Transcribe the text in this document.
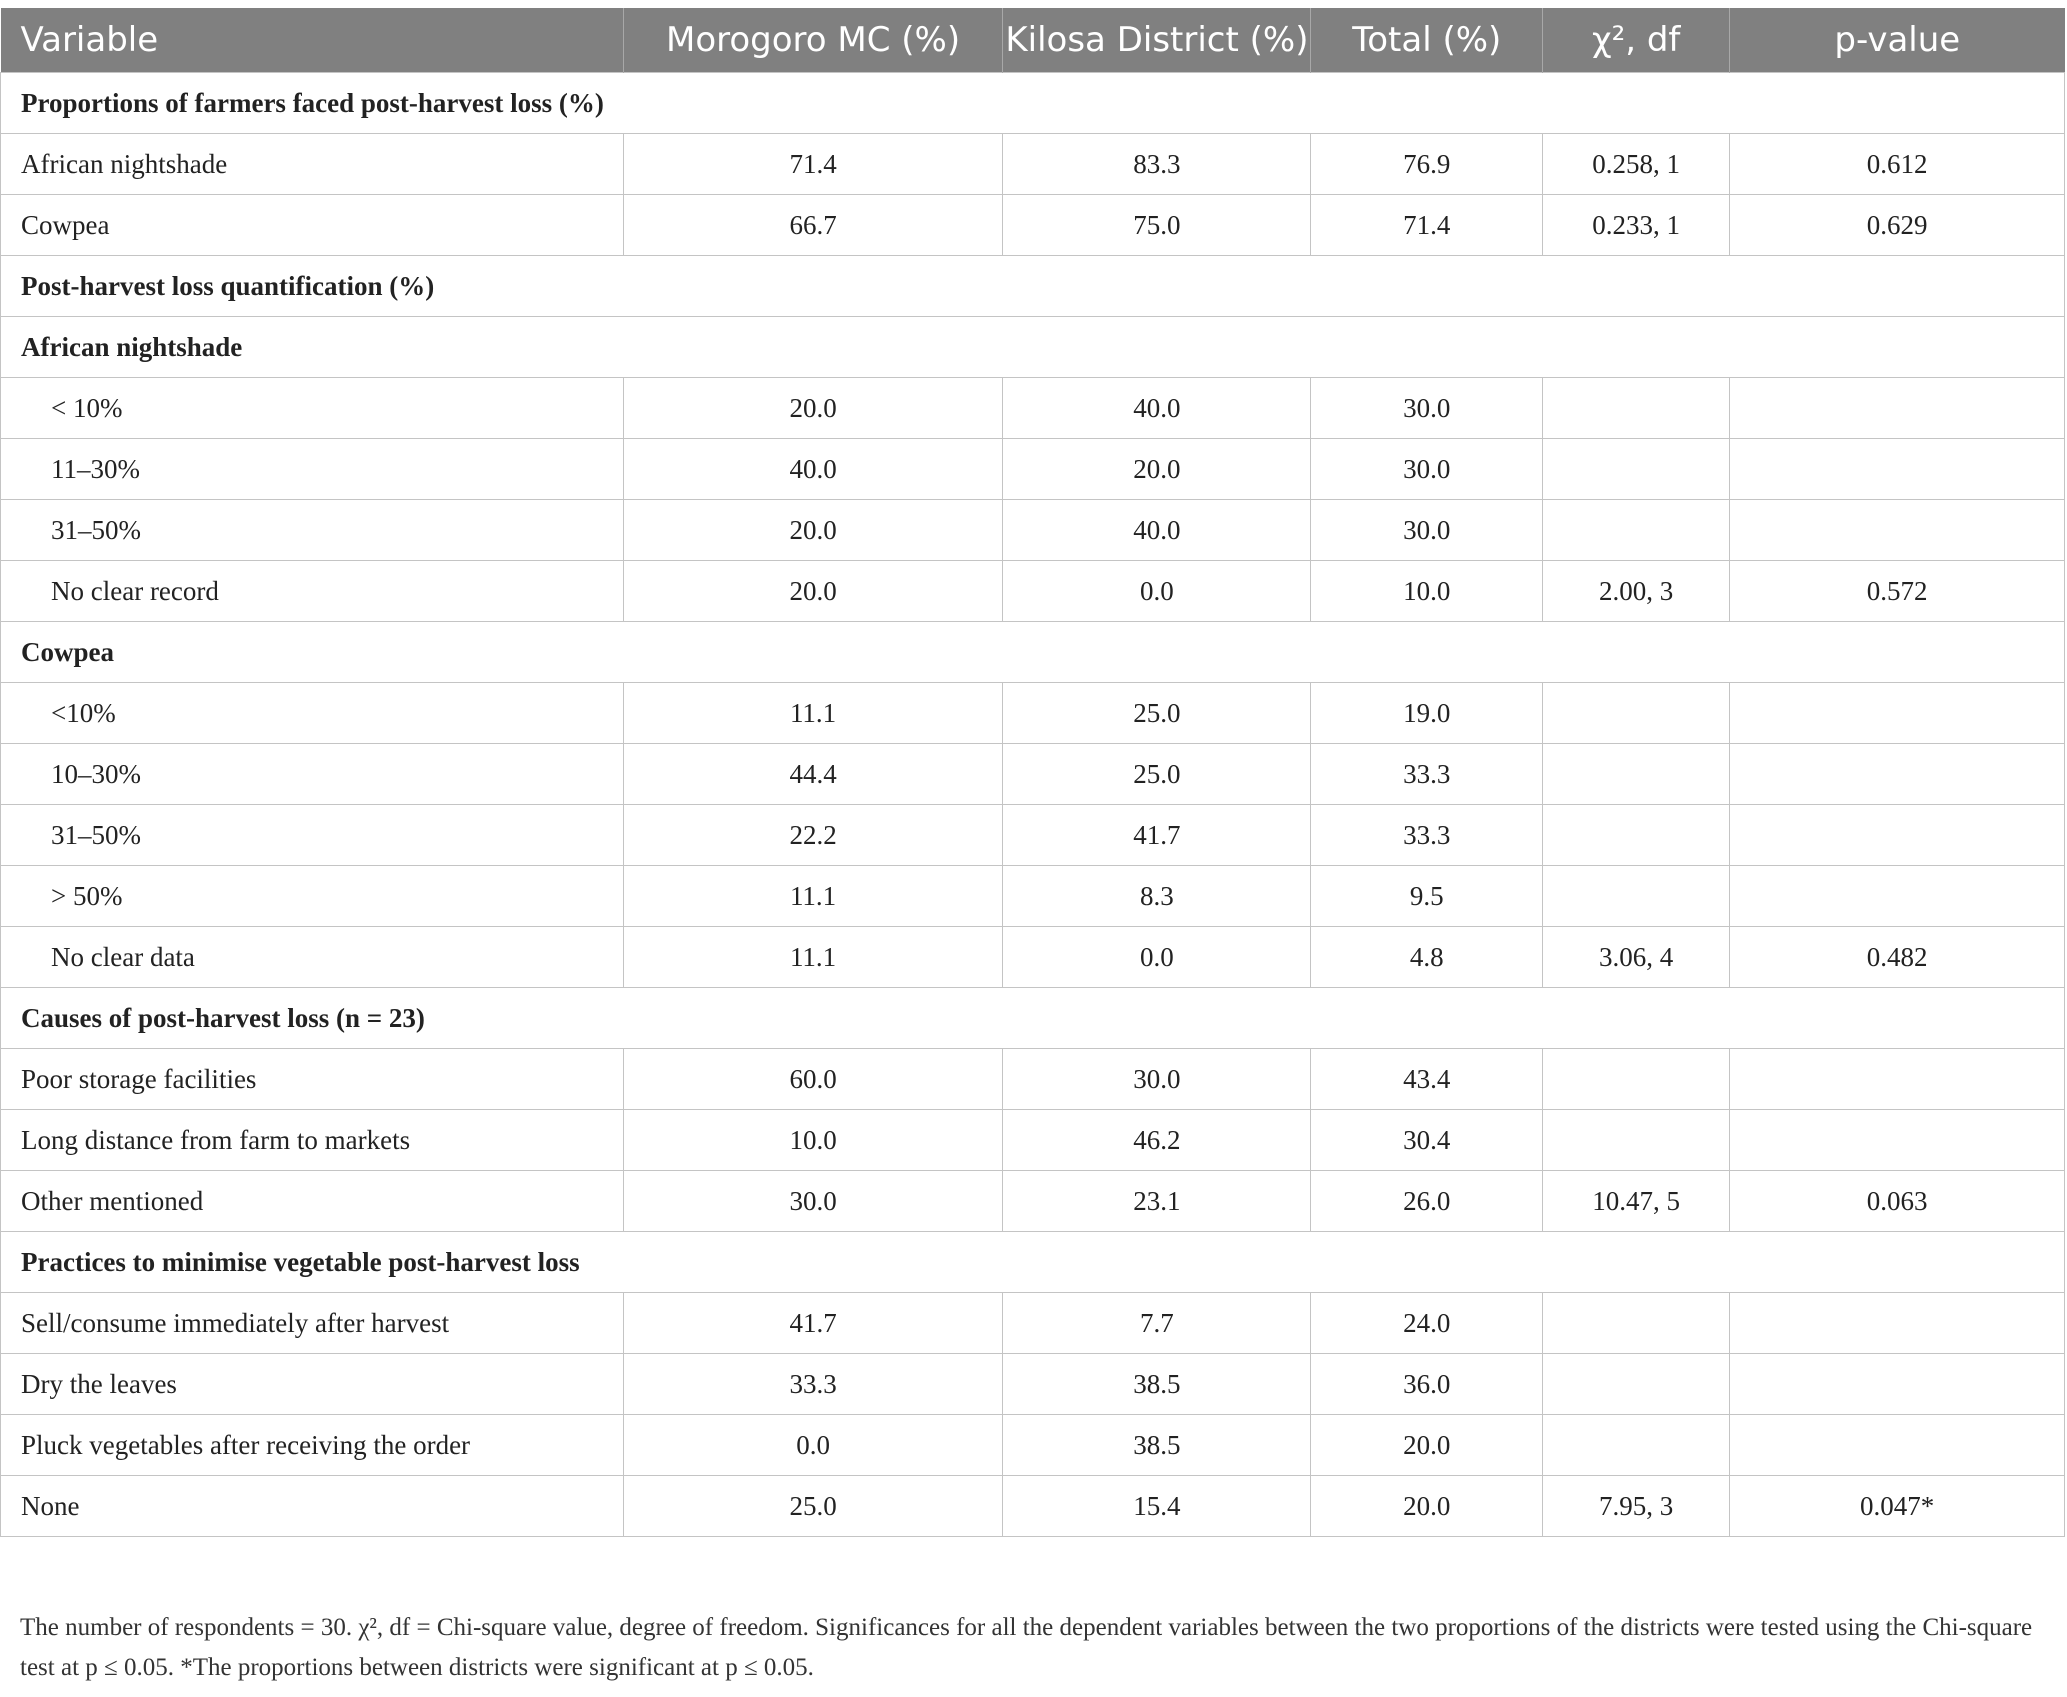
Variable	Morogoro MC (%)	Kilosa District (%)	Total (%)	χ², df	p-value
Proportions of farmers faced post-harvest loss (%)					
African nightshade	71.4	83.3	76.9	0.258, 1	0.612
Cowpea	66.7	75.0	71.4	0.233, 1	0.629
Post-harvest loss quantification (%)					
African nightshade					
< 10%	20.0	40.0	30.0		
11–30%	40.0	20.0	30.0		
31–50%	20.0	40.0	30.0		
No clear record	20.0	0.0	10.0	2.00, 3	0.572
Cowpea					
<10%	11.1	25.0	19.0		
10–30%	44.4	25.0	33.3		
31–50%	22.2	41.7	33.3		
> 50%	11.1	8.3	9.5		
No clear data	11.1	0.0	4.8	3.06, 4	0.482
Causes of post-harvest loss (n = 23)					
Poor storage facilities	60.0	30.0	43.4		
Long distance from farm to markets	10.0	46.2	30.4		
Other mentioned	30.0	23.1	26.0	10.47, 5	0.063
Practices to minimise vegetable post-harvest loss					
Sell/consume immediately after harvest	41.7	7.7	24.0		
Dry the leaves	33.3	38.5	36.0		
Pluck vegetables after receiving the order	0.0	38.5	20.0		
None	25.0	15.4	20.0	7.95, 3	0.047*

The number of respondents = 30. χ², df = Chi-square value, degree of freedom. Significances for all the dependent variables between the two proportions of the districts were tested using the Chi-square test at p ≤ 0.05. *The proportions between districts were significant at p ≤ 0.05.
